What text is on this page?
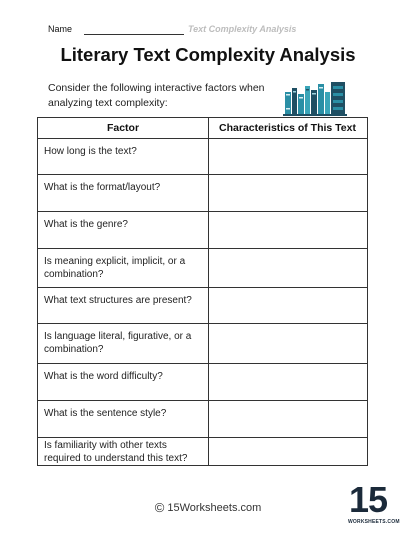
Name	Text Complexity Analysis
Literary Text Complexity Analysis
Consider the following interactive factors when analyzing text complexity:
Factor	Characteristics of This Text
How long is the text?
What is the format/layout?
What is the genre?
Is meaning explicit, implicit, or a combination?
What text structures are present?
Is language literal, figurative, or a combination?
What is the word difficulty?
What is the sentence style?
Is familiarity with other texts required to understand this text?
© 15Worksheets.com	15
WORKSHEETS.COM
